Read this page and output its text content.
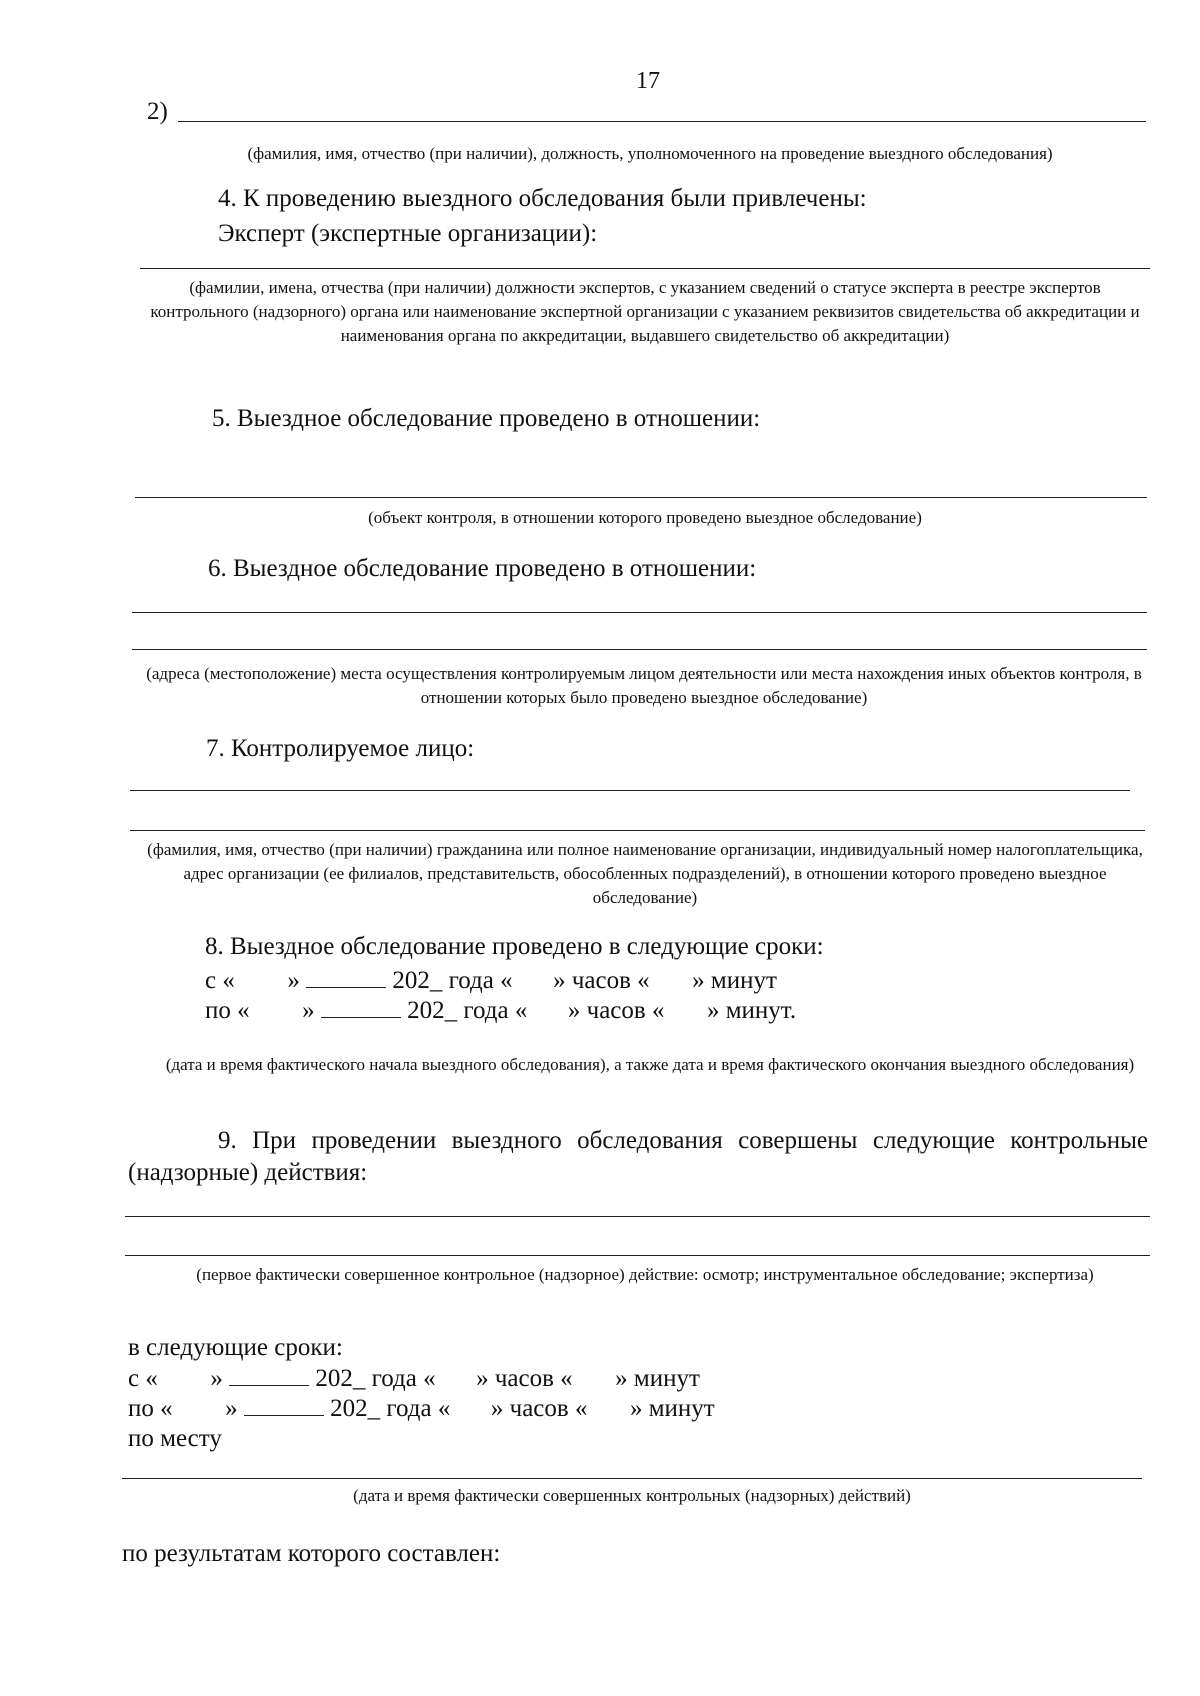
17
2)
(фамилия, имя, отчество (при наличии), должность, уполномоченного на проведение выездного обследования)
4. К проведению выездного обследования были привлечены:
Эксперт (экспертные организации):
(фамилии, имена, отчества (при наличии) должности экспертов, с указанием сведений о статусе эксперта в реестре экспертов контрольного (надзорного) органа или наименование экспертной организации с указанием реквизитов свидетельства об аккредитации и наименования органа по аккредитации, выдавшего свидетельство об аккредитации)
5. Выездное обследование проведено в отношении:
(объект контроля, в отношении которого проведено выездное обследование)
6. Выездное обследование проведено в отношении:
(адреса (местоположение) места осуществления контролируемым лицом деятельности или места нахождения иных объектов контроля, в отношении которых было проведено выездное обследование)
7. Контролируемое лицо:
(фамилия, имя, отчество (при наличии) гражданина или полное наименование организации, индивидуальный номер налогоплательщика, адрес организации (ее филиалов, представительств, обособленных подразделений), в отношении которого проведено выездное обследование)
8. Выездное обследование проведено в следующие сроки:
с « »	202_ года « » часов « » минут
по « »	202_ года « » часов « » минут.
(дата и время фактического начала выездного обследования), а также дата и время фактического окончания выездного обследования)
9. При проведении выездного обследования совершены следующие контрольные (надзорные) действия:
(первое фактически совершенное контрольное (надзорное) действие: осмотр; инструментальное обследование; экспертиза)
в следующие сроки:
с « »	202_ года « » часов « » минут
по « »	202_ года « » часов « » минут
по месту
(дата и время фактически совершенных контрольных (надзорных) действий)
по результатам которого составлен:
